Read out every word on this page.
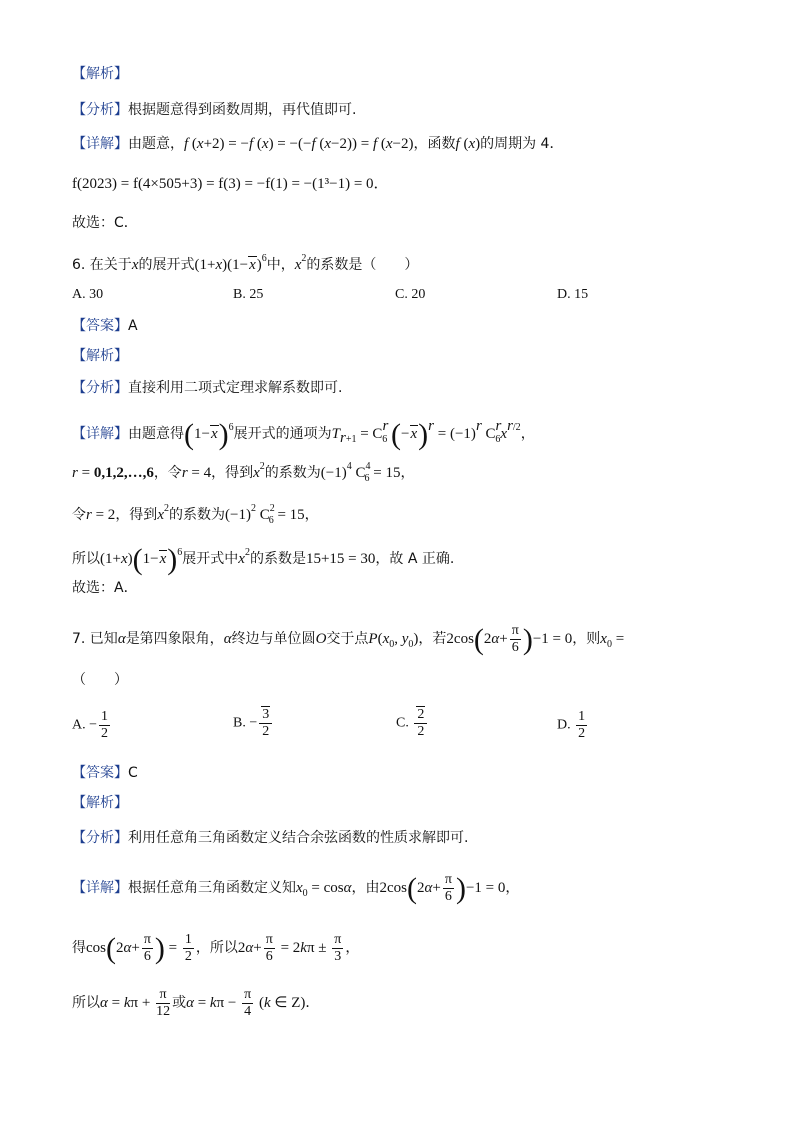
【解析】
【分析】根据题意得到函数周期，再代值即可.
【详解】由题意，f (x+2) = −f (x) = −(−f (x−2)) = f (x−2)，函数f (x)的周期为 4．
f(2023) = f(4×505+3) = f(3) = −f(1) = −(1³−1) = 0．
故选：C．
6. 在关于x的展开式$(1+x)(1-x)^6$中，$x^2$的系数是（　　）
A. 30	B. 25	C. 20	D. 15
【答案】A
【解析】
【分析】直接利用二项式定理求解系数即可.
【详解】由题意得$(1-x)^6$展开式的通项为$T_{r+1} = C^r_6$ $(-x)^r = (-1)^r$ $C^r_6x^{r/2}$，
r = 0,1,2,…,6，令r = 4，得到$x^2$的系数为$(-1)^4$ $C^4_6 = 15$，
令r = 2，得到$x^2$的系数为$(-1)^2$ $C^2_6 = 15$，
所以$(1+x)(1-x)^6$展开式中$x^2$的系数是15+15 = 30，故 A 正确.
故选：A．
7. 已知α是第四象限角，α终边与单位圆O交于点$P(x_0$, $y_0$)，若$2\cos(2\alpha+ \frac{\pi}{6} )-1 = 0$，则$x_0$ =
（　　）
A. − $\frac{1}{2}$	B. − $\frac{3}{2}$	C. $\frac{2}{2}$	D. $\frac{1}{2}$
【答案】C
【解析】
【分析】利用任意角三角函数定义结合余弦函数的性质求解即可.
【详解】根据任意角三角函数定义知$x_0 = \cos\alpha$，由$2\cos(2\alpha+ \frac{\pi}{6} )-1 = 0$，
得$\cos(2\alpha+ \frac{\pi}{6}$ ) = $\frac{1}{2}$ ，所以$2\alpha+ \frac{\pi}{6} = 2k\pi \pm \frac{\pi}{3}$ ，
所以$\alpha = k\pi + \frac{\pi}{12}$ 或$\alpha = k\pi - \frac{\pi}{4} (k$ ∈ Z)．
